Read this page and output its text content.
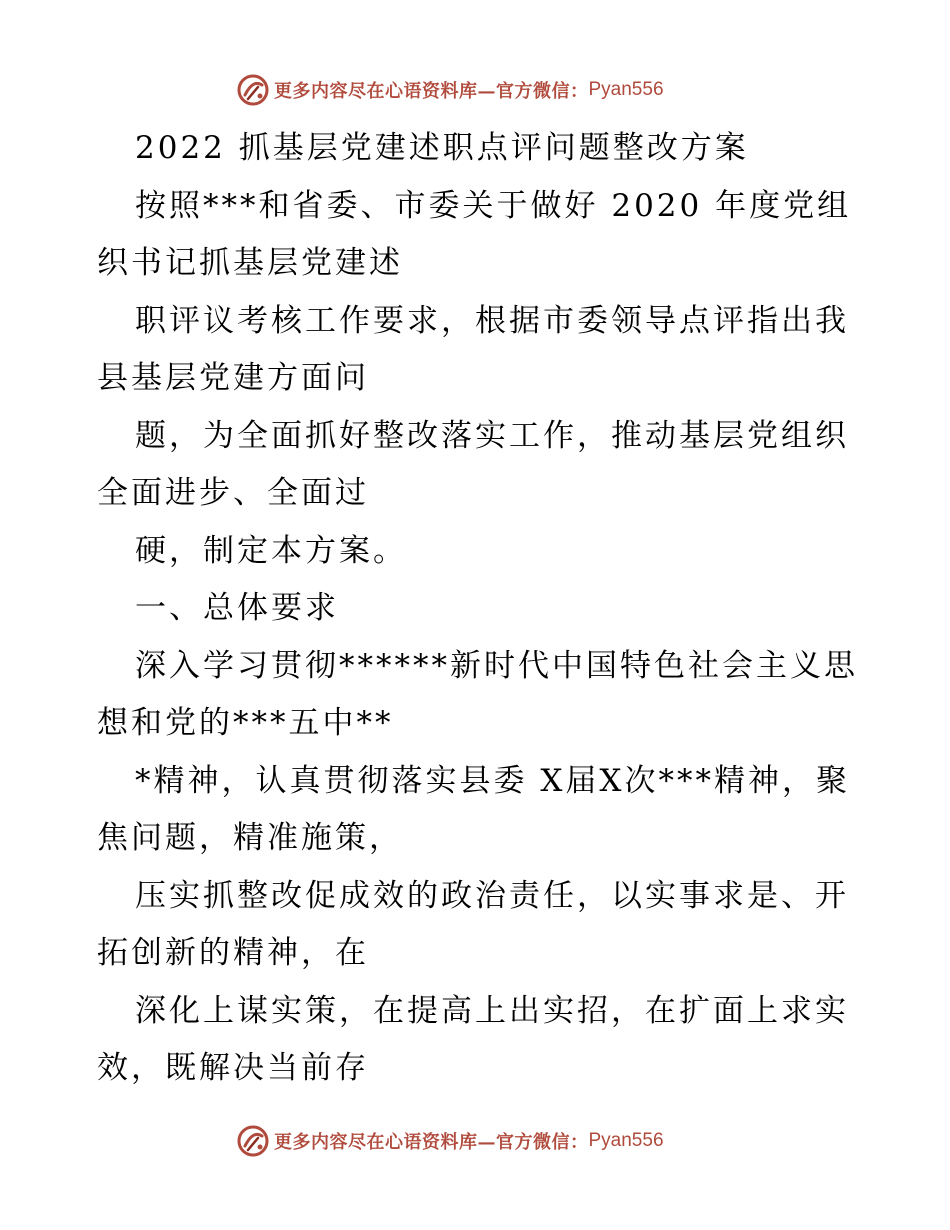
更多内容尽在心语资料库—官方微信： Pyan556
2022 抓基层党建述职点评问题整改方案
按照***和省委、市委关于做好 2020 年度党组
织书记抓基层党建述
职评议考核工作要求，根据市委领导点评指出我
县基层党建方面问
题，为全面抓好整改落实工作，推动基层党组织
全面进步、全面过
硬，制定本方案。
一、总体要求
深入学习贯彻******新时代中国特色社会主义思
想和党的***五中**
*精神，认真贯彻落实县委 X届X次***精神，聚
焦问题，精准施策，
压实抓整改促成效的政治责任，以实事求是、开
拓创新的精神，在
深化上谋实策，在提高上出实招，在扩面上求实
效，既解决当前存
更多内容尽在心语资料库—官方微信： Pyan556
